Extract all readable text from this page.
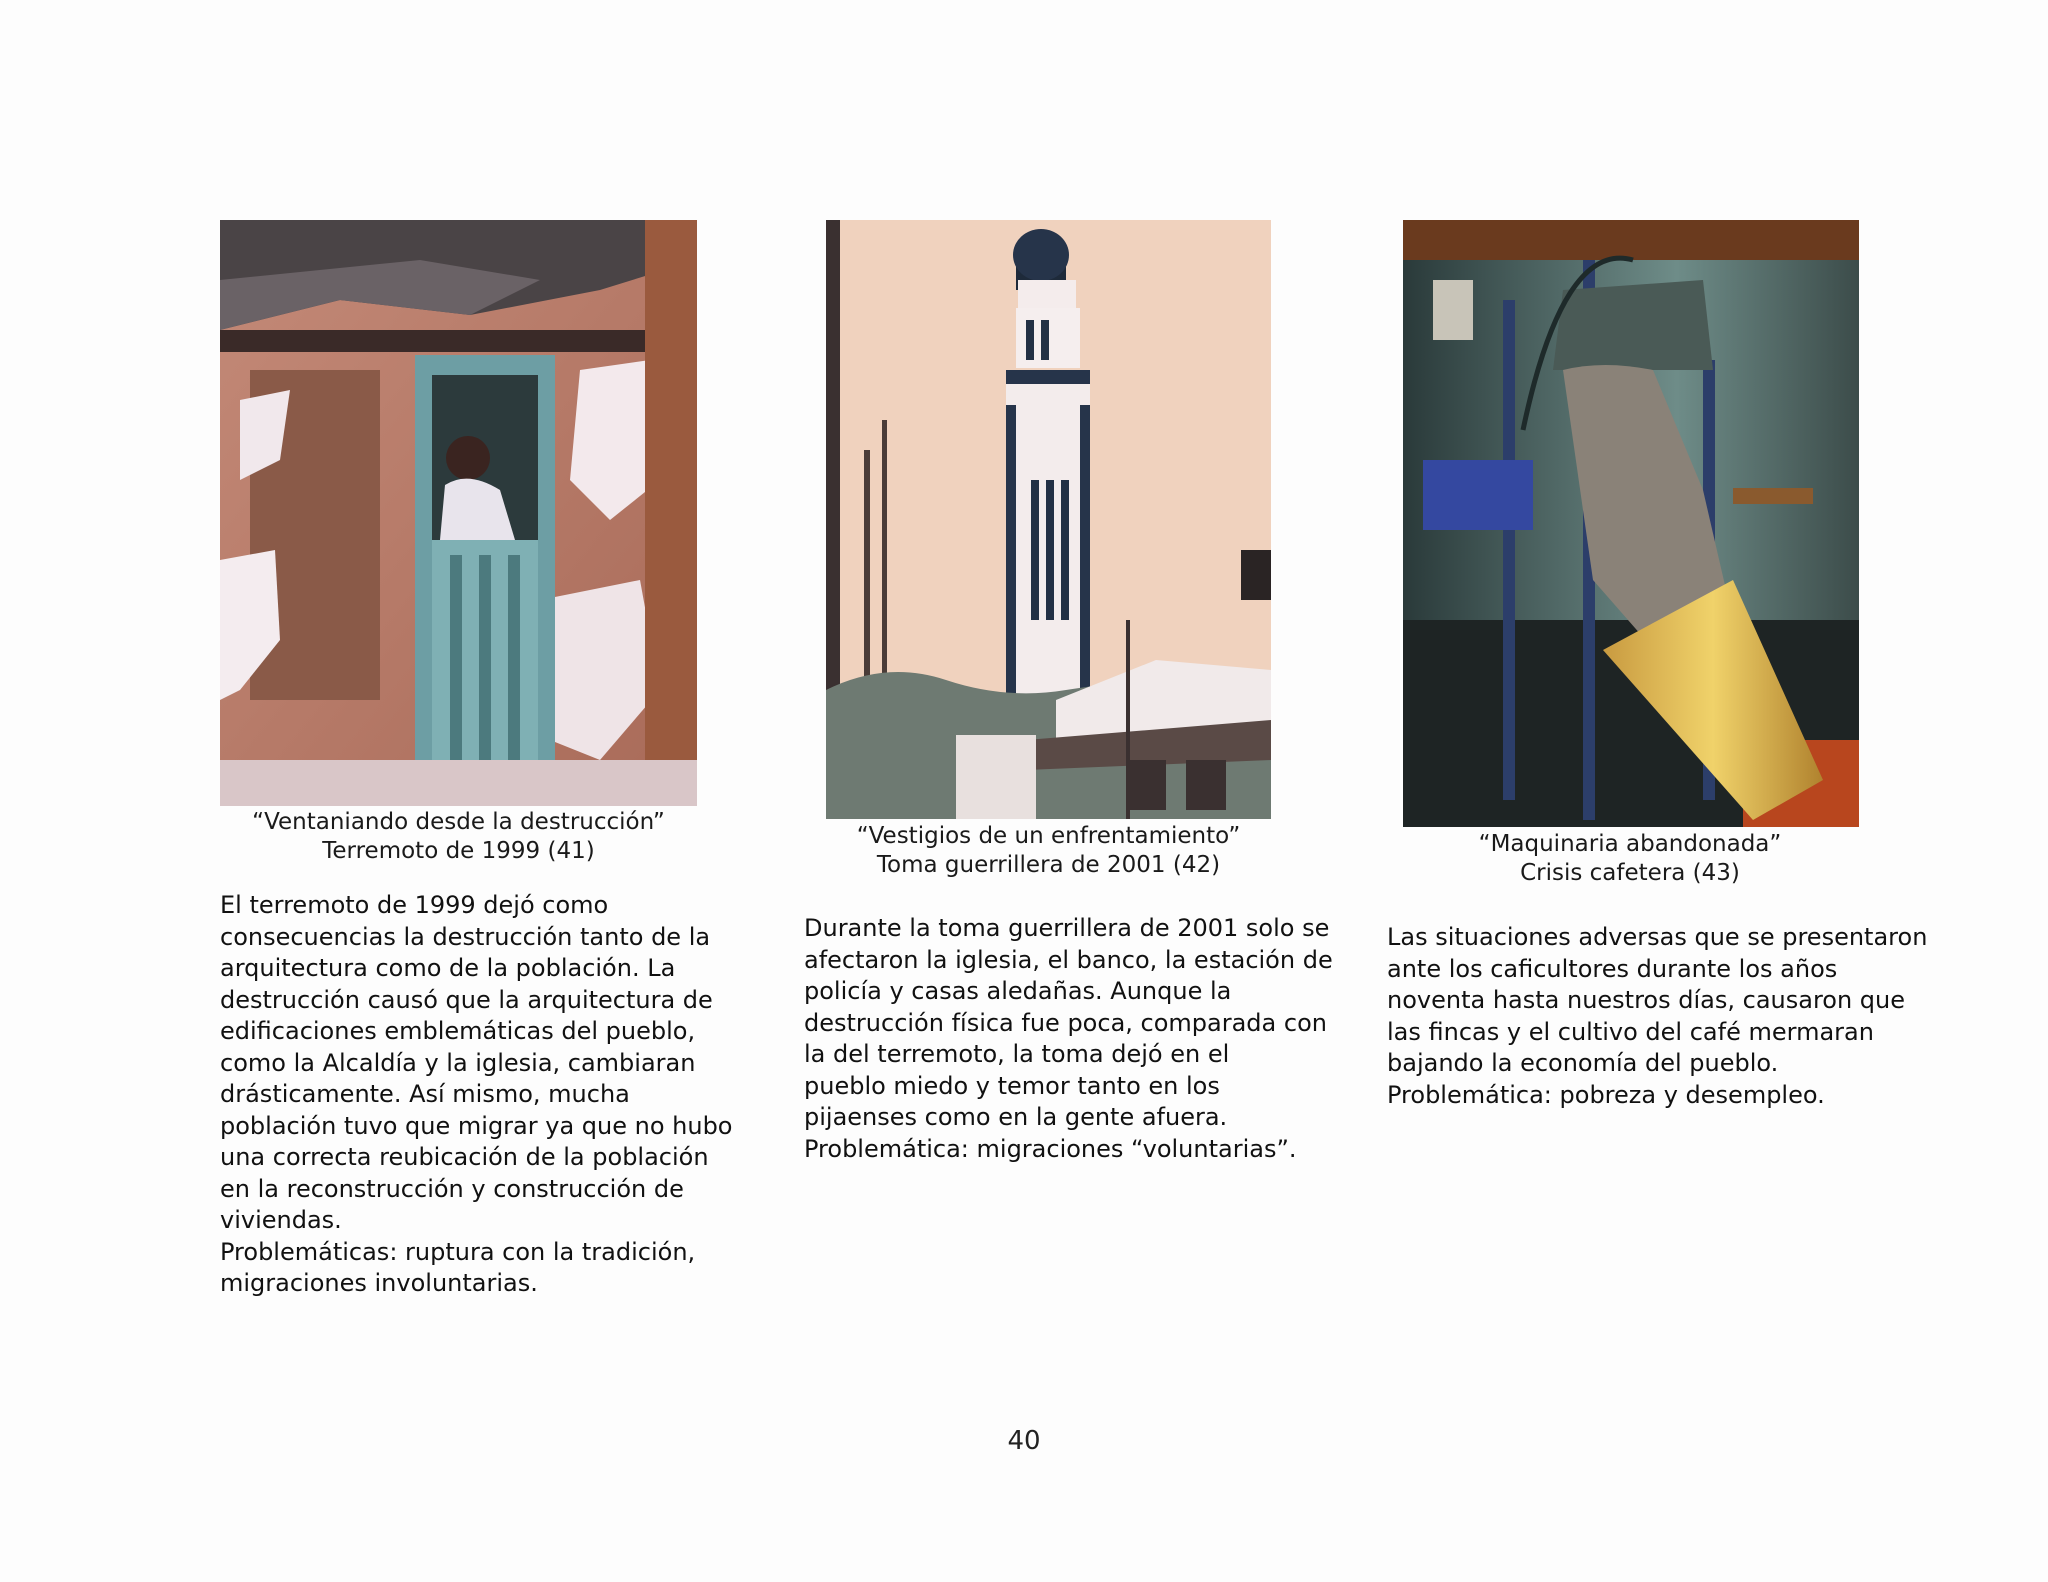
“Ventaniando desde la destrucción”
Terremoto de 1999 (41)

El terremoto de 1999 dejó como

consecuencias la destrucción tanto de la

arquitectura como de la población. La

destrucción causó que la arquitectura de

edificaciones emblemáticas del pueblo,

como la Alcaldía y la iglesia, cambiaran

drásticamente. Así mismo, mucha

población tuvo que migrar ya que no hubo

una correcta reubicación de la población

en la reconstrucción y construcción de

viviendas.

Problemáticas: ruptura con la tradición,

migraciones involuntarias.

“Vestigios de un enfrentamiento”
Toma guerrillera de 2001 (42)

Durante la toma guerrillera de 2001 solo se

afectaron la iglesia, el banco, la estación de

policía y casas aledañas. Aunque la

destrucción física fue poca, comparada con

la del terremoto, la toma dejó en el

pueblo miedo y temor tanto en los

pijaenses como en la gente afuera.

Problemática: migraciones “voluntarias”.

“Maquinaria abandonada”
Crisis cafetera (43)

Las situaciones adversas que se presentaron

ante los caficultores durante los años

noventa hasta nuestros días, causaron que

las fincas y el cultivo del café mermaran

bajando la economía del pueblo.

Problemática: pobreza y desempleo.

40
